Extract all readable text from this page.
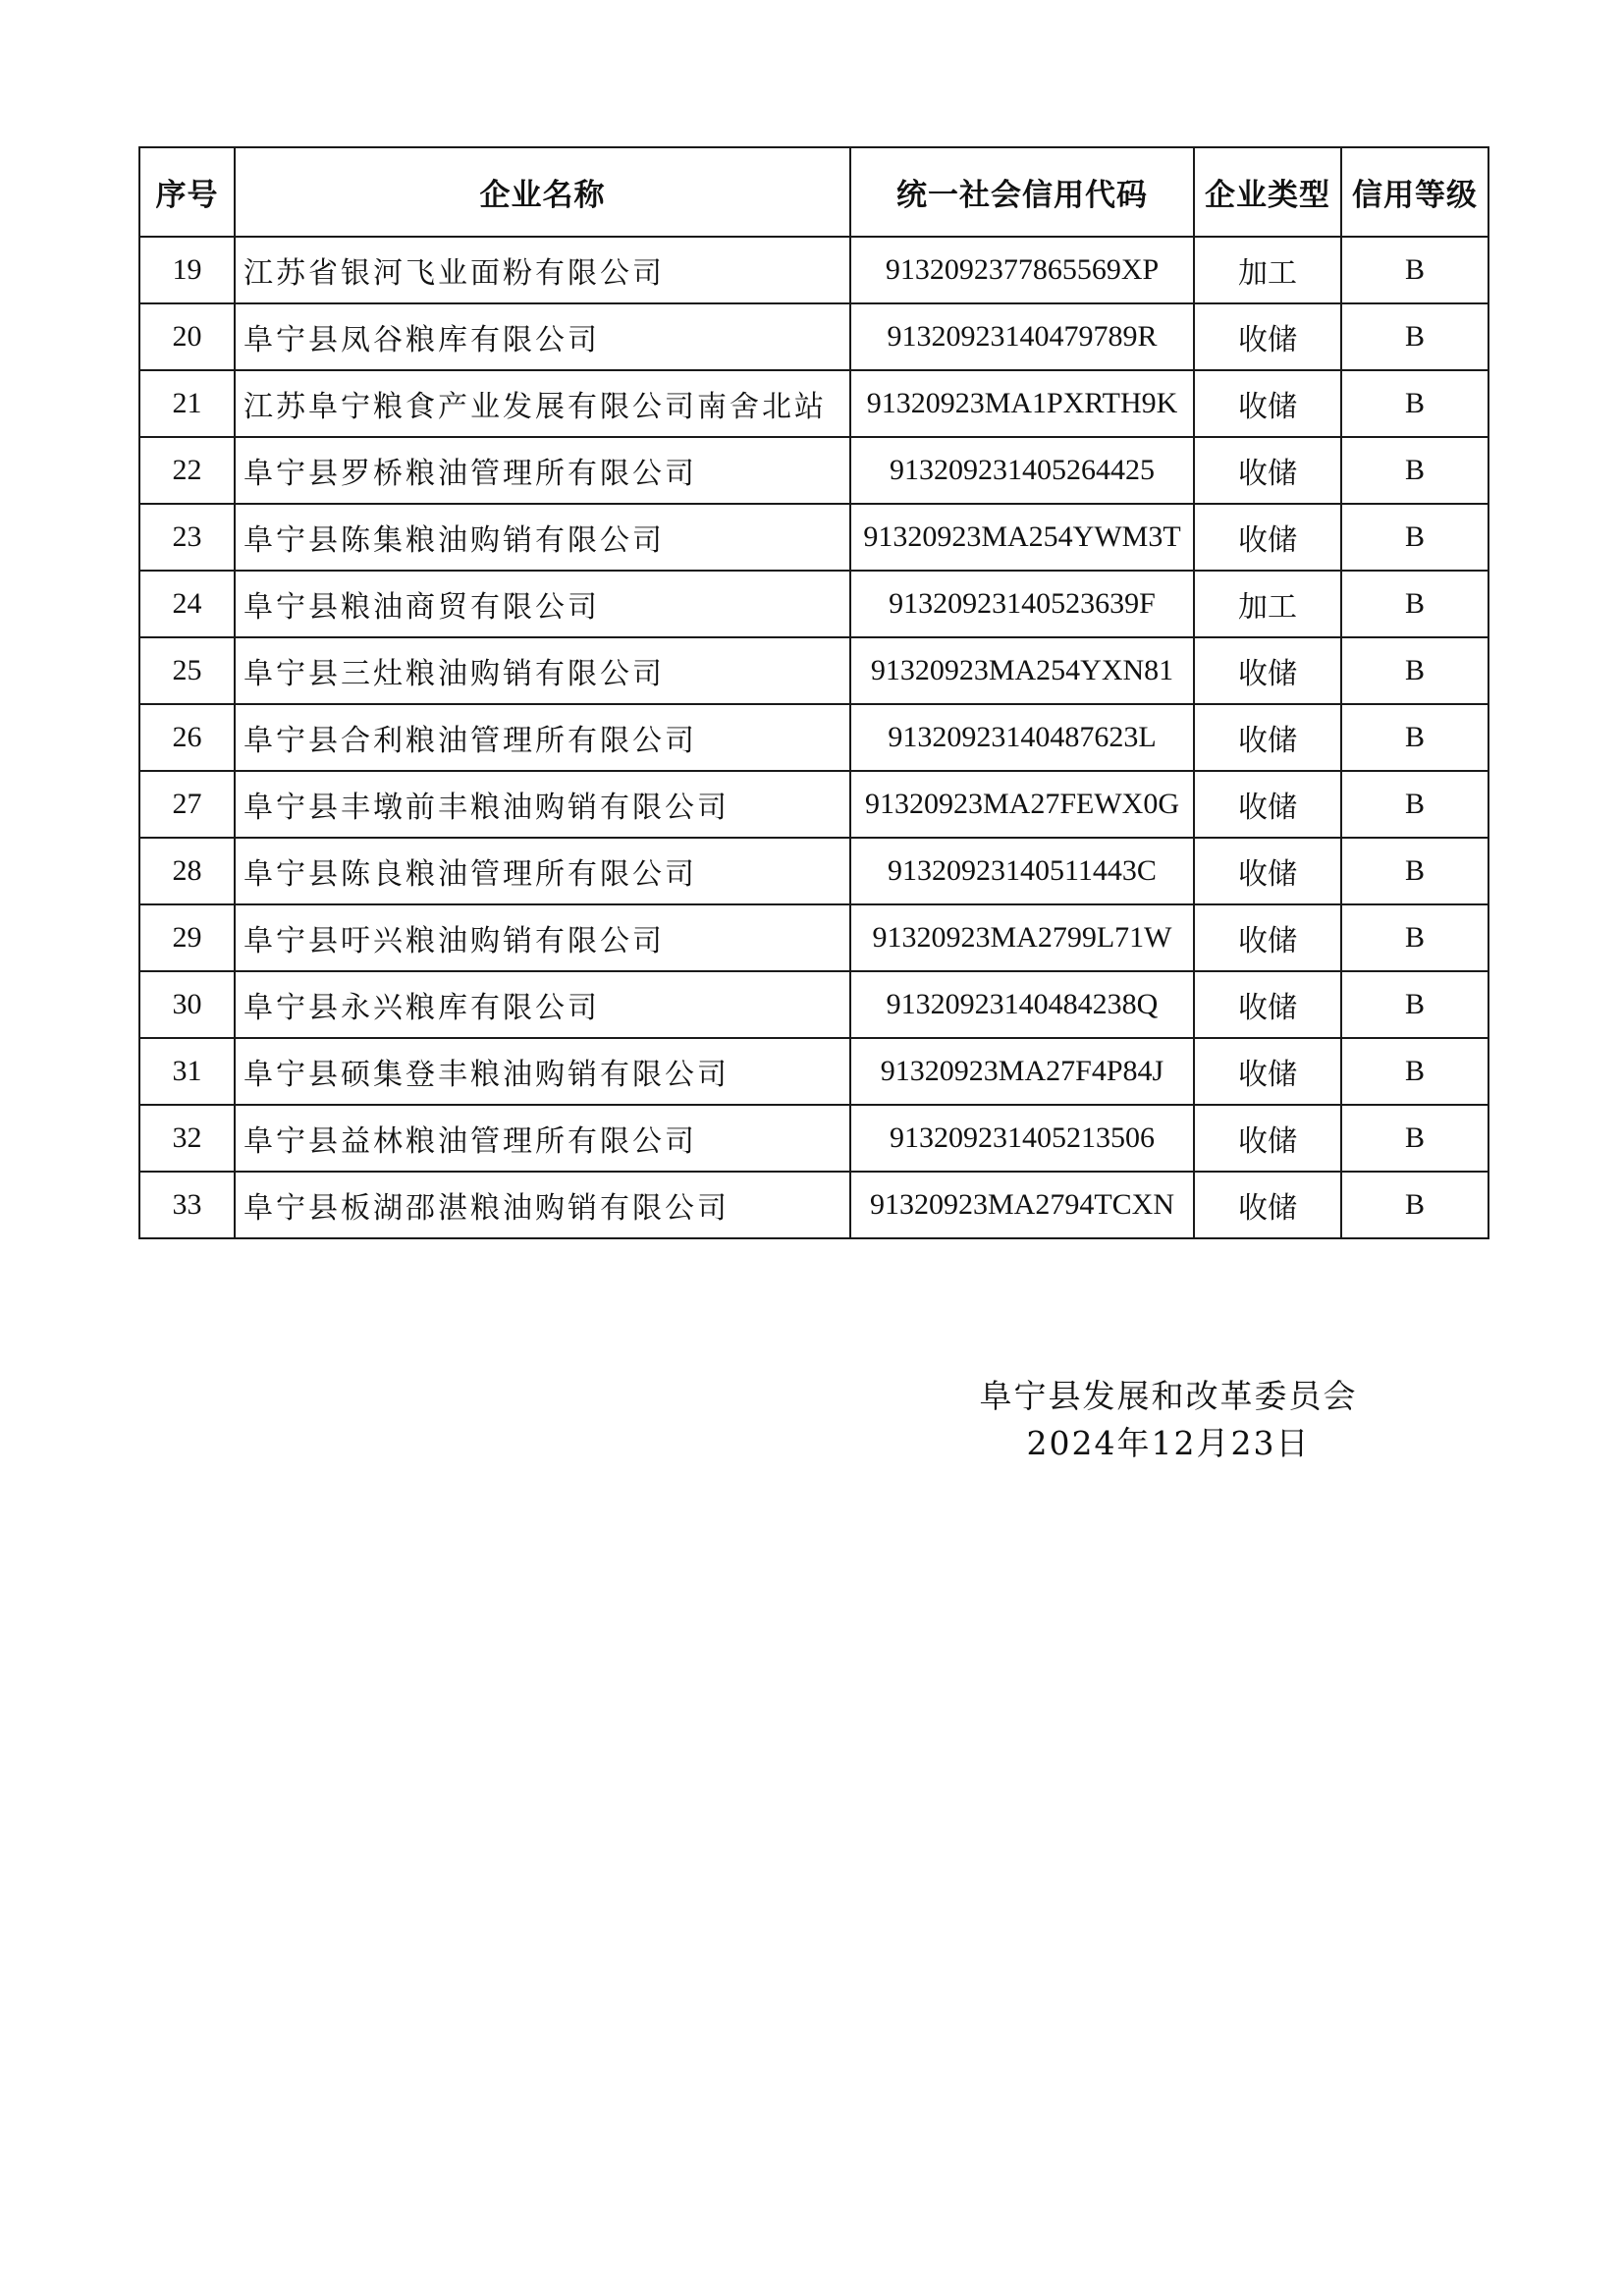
序号	企业名称	统一社会信用代码	企业类型	信用等级
19	江苏省银河飞业面粉有限公司	9132092377865569XP	加工	B
20	阜宁县凤谷粮库有限公司	91320923140479789R	收储	B
21	江苏阜宁粮食产业发展有限公司南舍北站	91320923MA1PXRTH9K	收储	B
22	阜宁县罗桥粮油管理所有限公司	913209231405264425	收储	B
23	阜宁县陈集粮油购销有限公司	91320923MA254YWM3T	收储	B
24	阜宁县粮油商贸有限公司	91320923140523639F	加工	B
25	阜宁县三灶粮油购销有限公司	91320923MA254YXN81	收储	B
26	阜宁县合利粮油管理所有限公司	91320923140487623L	收储	B
27	阜宁县丰墩前丰粮油购销有限公司	91320923MA27FEWX0G	收储	B
28	阜宁县陈良粮油管理所有限公司	91320923140511443C	收储	B
29	阜宁县吁兴粮油购销有限公司	91320923MA2799L71W	收储	B
30	阜宁县永兴粮库有限公司	91320923140484238Q	收储	B
31	阜宁县硕集登丰粮油购销有限公司	91320923MA27F4P84J	收储	B
32	阜宁县益林粮油管理所有限公司	913209231405213506	收储	B
33	阜宁县板湖邵湛粮油购销有限公司	91320923MA2794TCXN	收储	B
阜宁县发展和改革委员会
2024年12月23日
